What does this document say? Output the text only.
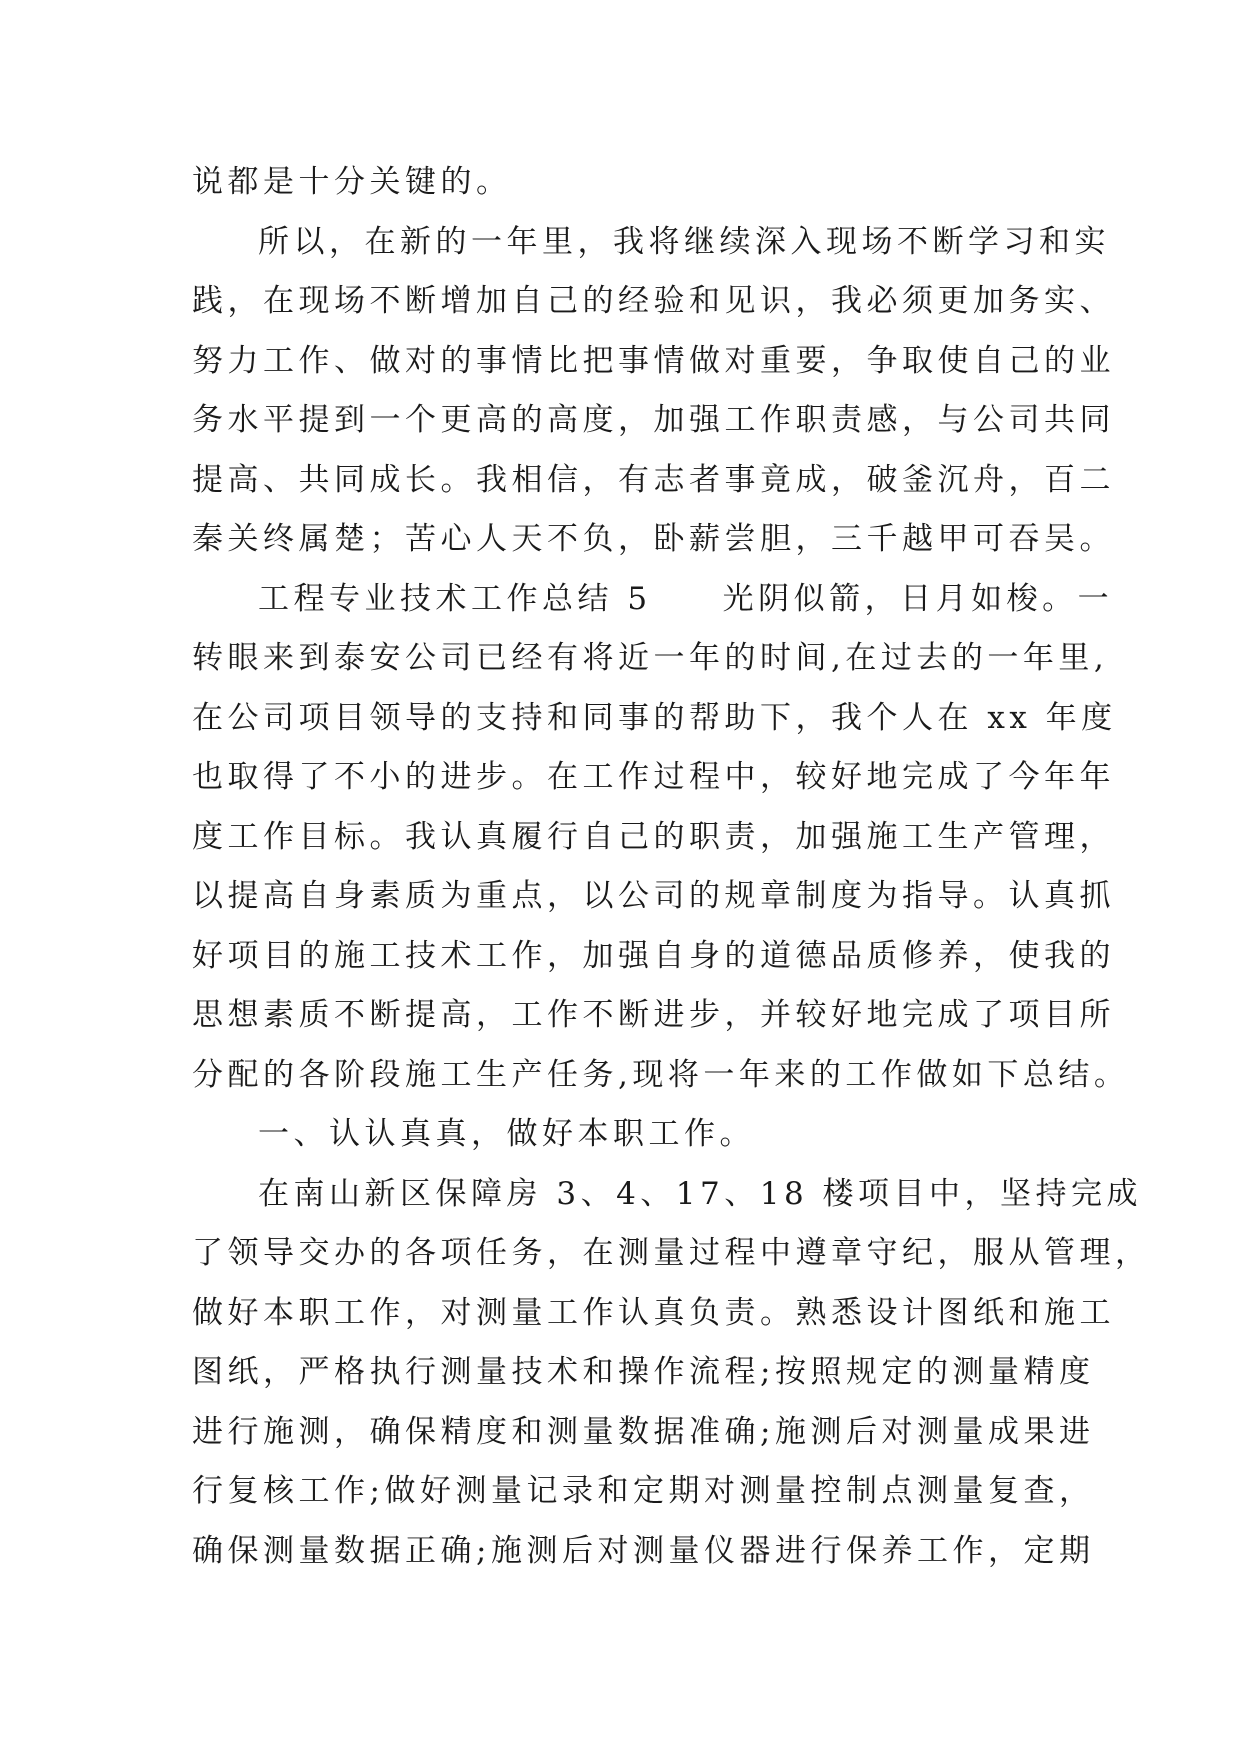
说都是十分关键的。
所以，在新的一年里，我将继续深入现场不断学习和实
践，在现场不断增加自己的经验和见识，我必须更加务实、
努力工作、做对的事情比把事情做对重要，争取使自己的业
务水平提到一个更高的高度，加强工作职责感，与公司共同
提高、共同成长。我相信，有志者事竟成，破釜沉舟，百二
秦关终属楚；苦心人天不负，卧薪尝胆，三千越甲可吞吴。
工程专业技术工作总结 5　　光阴似箭，日月如梭。一
转眼来到泰安公司已经有将近一年的时间,在过去的一年里,
在公司项目领导的支持和同事的帮助下，我个人在 xx 年度
也取得了不小的进步。在工作过程中，较好地完成了今年年
度工作目标。我认真履行自己的职责，加强施工生产管理，
以提高自身素质为重点，以公司的规章制度为指导。认真抓
好项目的施工技术工作，加强自身的道德品质修养，使我的
思想素质不断提高，工作不断进步，并较好地完成了项目所
分配的各阶段施工生产任务,现将一年来的工作做如下总结。
一、认认真真，做好本职工作。
在南山新区保障房 3、4、17、18 楼项目中，坚持完成
了领导交办的各项任务，在测量过程中遵章守纪，服从管理，
做好本职工作，对测量工作认真负责。熟悉设计图纸和施工
图纸，严格执行测量技术和操作流程;按照规定的测量精度
进行施测，确保精度和测量数据准确;施测后对测量成果进
行复核工作;做好测量记录和定期对测量控制点测量复查，
确保测量数据正确;施测后对测量仪器进行保养工作，定期
